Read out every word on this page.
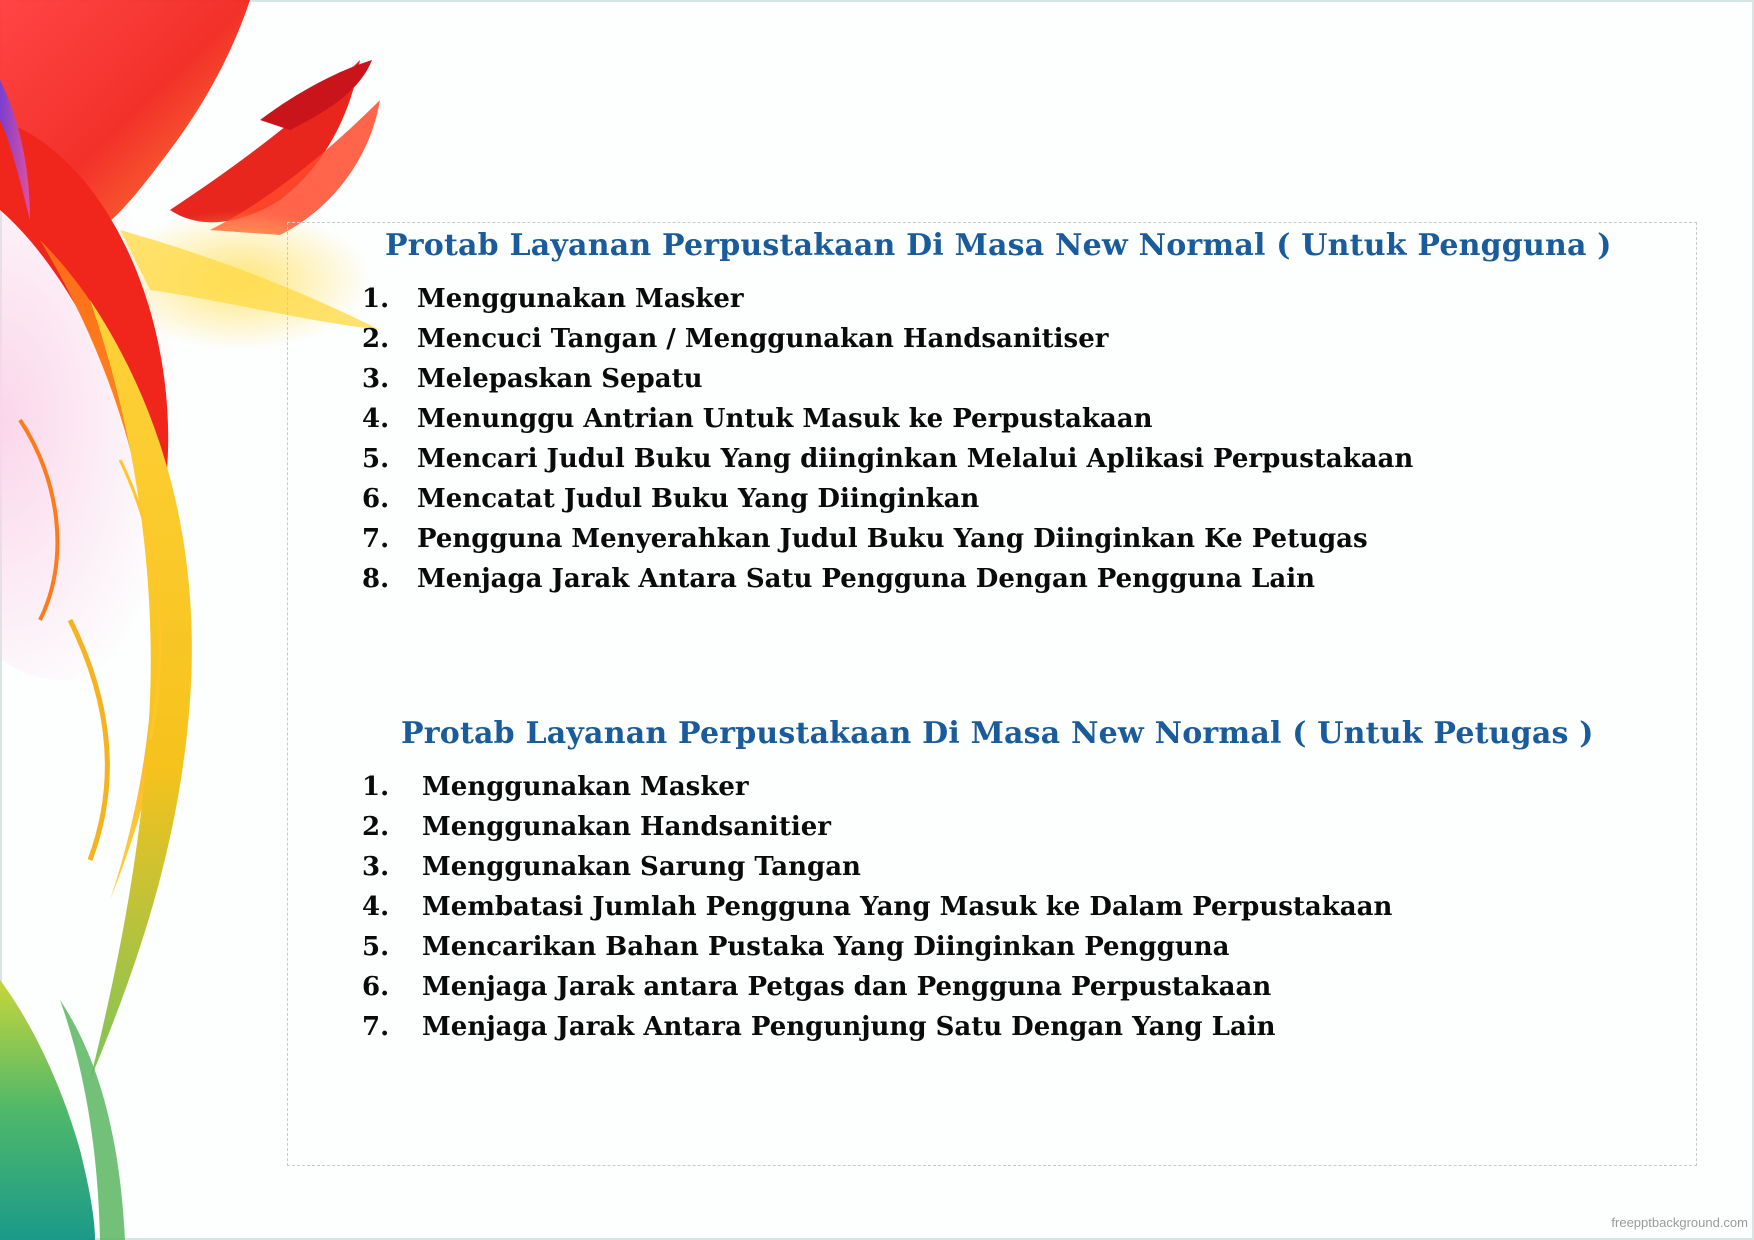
Protab Layanan Perpustakaan Di Masa New Normal ( Untuk Pengguna )
1.	Menggunakan Masker
2.	Mencuci Tangan / Menggunakan Handsanitiser
3.	Melepaskan Sepatu
4.	Menunggu Antrian Untuk Masuk ke Perpustakaan
5.	Mencari Judul Buku Yang diinginkan Melalui Aplikasi Perpustakaan
6.	Mencatat Judul Buku Yang Diinginkan
7.	Pengguna Menyerahkan Judul Buku Yang Diinginkan Ke Petugas
8.	Menjaga Jarak Antara Satu Pengguna Dengan Pengguna Lain
Protab Layanan Perpustakaan Di Masa New Normal ( Untuk Petugas )
1.	Menggunakan Masker
2.	Menggunakan Handsanitier
3.	Menggunakan Sarung Tangan
4.	Membatasi Jumlah Pengguna Yang Masuk ke Dalam Perpustakaan
5.	Mencarikan Bahan Pustaka Yang Diinginkan Pengguna
6.	Menjaga Jarak antara Petgas dan Pengguna Perpustakaan
7.	Menjaga Jarak Antara Pengunjung Satu Dengan Yang Lain
freepptbackground.com
